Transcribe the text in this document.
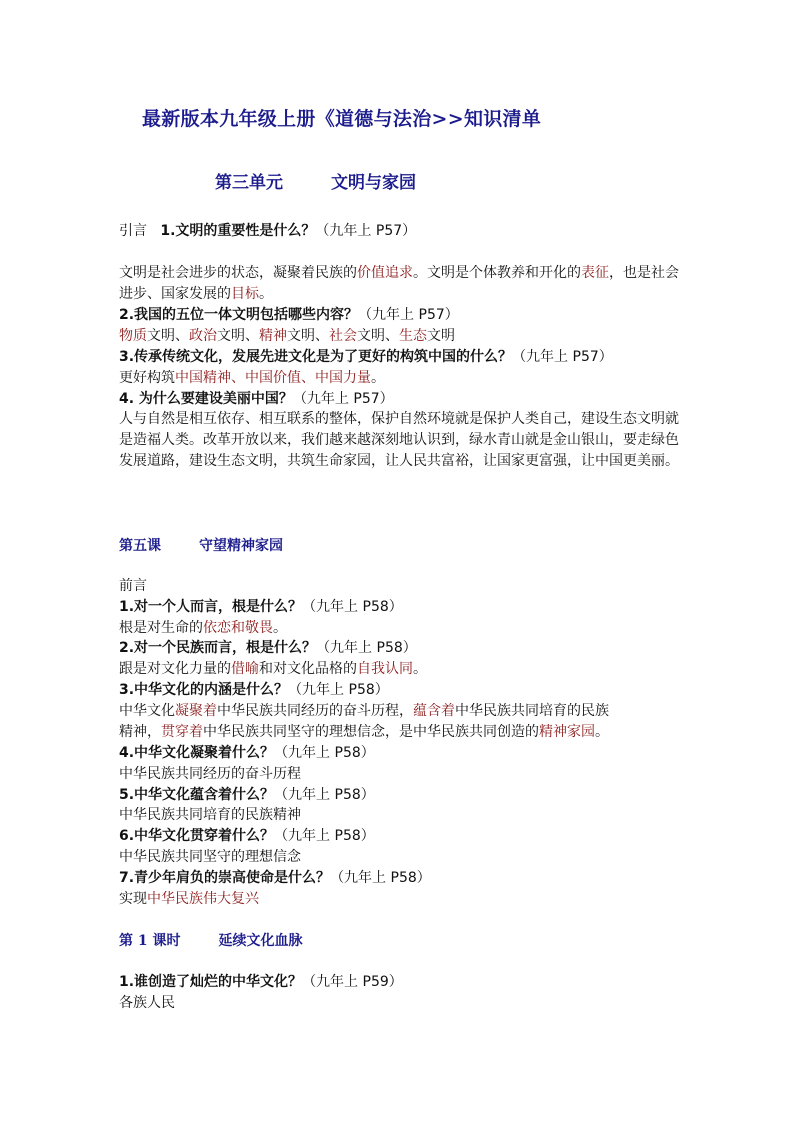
最新版本九年级上册《道德与法治>>知识清单
第三单元	文明与家园
引言 1.文明的重要性是什么？（九年上 P57）
文明是社会进步的状态，凝聚着民族的价值追求。文明是个体教养和开化的表征，也是社会进步、国家发展的目标。
2.我国的五位一体文明包括哪些内容？（九年上 P57）
物质文明、政治文明、精神文明、社会文明、生态文明
3.传承传统文化，发展先进文化是为了更好的构筑中国的什么？（九年上 P57）
更好构筑中国精神、中国价值、中国力量。
4. 为什么要建设美丽中国？（九年上 P57）
人与自然是相互依存、相互联系的整体，保护自然环境就是保护人类自己，建设生态文明就是造福人类。改革开放以来，我们越来越深刻地认识到，绿水青山就是金山银山，要走绿色发展道路，建设生态文明，共筑生命家园，让人民共富裕，让国家更富强，让中国更美丽。
第五课	守望精神家园
前言
1.对一个人而言，根是什么？（九年上 P58）
根是对生命的依恋和敬畏。
2.对一个民族而言，根是什么？（九年上 P58）
跟是对文化力量的借喻和对文化品格的自我认同。
3.中华文化的内涵是什么？（九年上 P58）
中华文化凝聚着中华民族共同经历的奋斗历程，蕴含着中华民族共同培育的民族
精神，贯穿着中华民族共同坚守的理想信念，是中华民族共同创造的精神家园。
4.中华文化凝聚着什么？（九年上 P58）
中华民族共同经历的奋斗历程
5.中华文化蕴含着什么？（九年上 P58）
中华民族共同培育的民族精神
6.中华文化贯穿着什么？（九年上 P58）
中华民族共同坚守的理想信念
7.青少年肩负的崇高使命是什么？（九年上 P58）
实现中华民族伟大复兴
第 1 课时	延续文化血脉
1.谁创造了灿烂的中华文化？（九年上 P59）
各族人民
